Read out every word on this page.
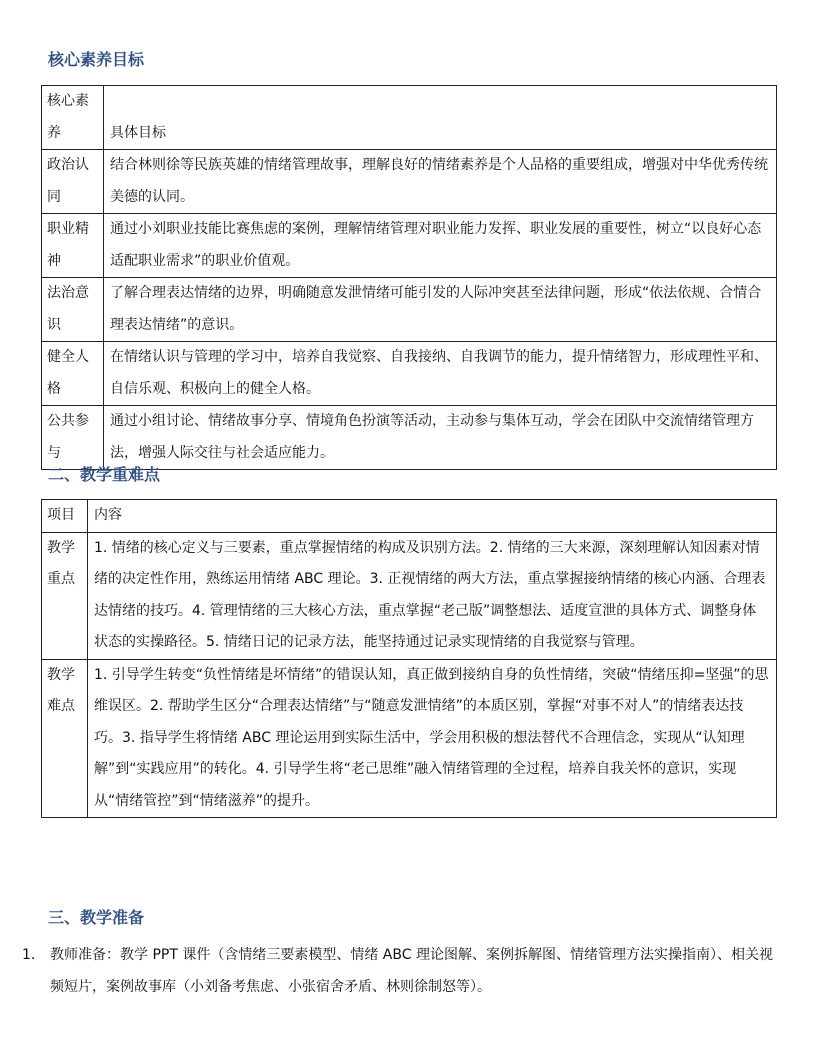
核心素养目标
核心素养	具体目标
政治认同	结合林则徐等民族英雄的情绪管理故事，理解良好的情绪素养是个人品格的重要组成，增强对中华优秀传统美德的认同。
职业精神	通过小刘职业技能比赛焦虑的案例，理解情绪管理对职业能力发挥、职业发展的重要性，树立“以良好心态适配职业需求”的职业价值观。
法治意识	了解合理表达情绪的边界，明确随意发泄情绪可能引发的人际冲突甚至法律问题，形成“依法依规、合情合理表达情绪”的意识。
健全人格	在情绪认识与管理的学习中，培养自我觉察、自我接纳、自我调节的能力，提升情绪智力，形成理性平和、自信乐观、积极向上的健全人格。
公共参与	通过小组讨论、情绪故事分享、情境角色扮演等活动，主动参与集体互动，学会在团队中交流情绪管理方法，增强人际交往与社会适应能力。
二、教学重难点
项目	内容
教学重点	1. 情绪的核心定义与三要素，重点掌握情绪的构成及识别方法。2. 情绪的三大来源，深刻理解认知因素对情绪的决定性作用，熟练运用情绪 ABC 理论。3. 正视情绪的两大方法，重点掌握接纳情绪的核心内涵、合理表达情绪的技巧。4. 管理情绪的三大核心方法，重点掌握“老己版”调整想法、适度宣泄的具体方式、调整身体状态的实操路径。5. 情绪日记的记录方法，能坚持通过记录实现情绪的自我觉察与管理。
教学难点	1. 引导学生转变“负性情绪是坏情绪”的错误认知，真正做到接纳自身的负性情绪，突破“情绪压抑=坚强”的思维误区。2. 帮助学生区分“合理表达情绪”与“随意发泄情绪”的本质区别，掌握“对事不对人”的情绪表达技巧。3. 指导学生将情绪 ABC 理论运用到实际生活中，学会用积极的想法替代不合理信念，实现从“认知理解”到“实践应用”的转化。4. 引导学生将“老己思维”融入情绪管理的全过程，培养自我关怀的意识，实现从“情绪管控”到“情绪滋养”的提升。
三、教学准备
1.	教师准备：教学 PPT 课件（含情绪三要素模型、情绪 ABC 理论图解、案例拆解图、情绪管理方法实操指南）、相关视频短片，案例故事库（小刘备考焦虑、小张宿舍矛盾、林则徐制怒等）。
